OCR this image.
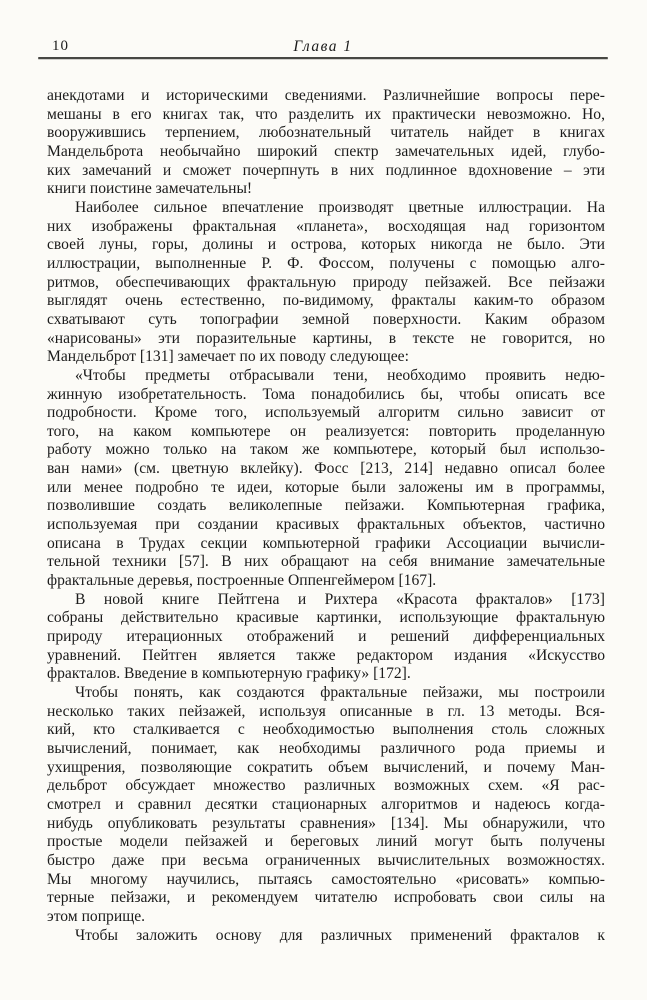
10	Глава 1
анекдотами и историческими сведениями. Различнейшие вопросы пере-
мешаны в его книгах так, что разделить их практически невозможно. Но,
вооружившись терпением, любознательный читатель найдет в книгах
Мандельброта необычайно широкий спектр замечательных идей, глубо-
ких замечаний и сможет почерпнуть в них подлинное вдохновение – эти
книги поистине замечательны!
Наиболее сильное впечатление производят цветные иллюстрации. На
них изображены фрактальная «планета», восходящая над горизонтом
своей луны, горы, долины и острова, которых никогда не было. Эти
иллюстрации, выполненные Р. Ф. Фоссом, получены с помощью алго-
ритмов, обеспечивающих фрактальную природу пейзажей. Все пейзажи
выглядят очень естественно, по-видимому, фракталы каким-то образом
схватывают суть топографии земной поверхности. Каким образом
«нарисованы» эти поразительные картины, в тексте не говорится, но
Мандельброт [131] замечает по их поводу следующее:
«Чтобы предметы отбрасывали тени, необходимо проявить недю-
жинную изобретательность. Тома понадобились бы, чтобы описать все
подробности. Кроме того, используемый алгоритм сильно зависит от
того, на каком компьютере он реализуется: повторить проделанную
работу можно только на таком же компьютере, который был использо-
ван нами» (см. цветную вклейку). Фосс [213, 214] недавно описал более
или менее подробно те идеи, которые были заложены им в программы,
позволившие создать великолепные пейзажи. Компьютерная графика,
используемая при создании красивых фрактальных объектов, частично
описана в Трудах секции компьютерной графики Ассоциации вычисли-
тельной техники [57]. В них обращают на себя внимание замечательные
фрактальные деревья, построенные Оппенгеймером [167].
В новой книге Пейтгена и Рихтера «Красота фракталов» [173]
собраны действительно красивые картинки, использующие фрактальную
природу итерационных отображений и решений дифференциальных
уравнений. Пейтген является также редактором издания «Искусство
фракталов. Введение в компьютерную графику» [172].
Чтобы понять, как создаются фрактальные пейзажи, мы построили
несколько таких пейзажей, используя описанные в гл. 13 методы. Вся-
кий, кто сталкивается с необходимостью выполнения столь сложных
вычислений, понимает, как необходимы различного рода приемы и
ухищрения, позволяющие сократить объем вычислений, и почему Ман-
дельброт обсуждает множество различных возможных схем. «Я рас-
смотрел и сравнил десятки стационарных алгоритмов и надеюсь когда-
нибудь опубликовать результаты сравнения» [134]. Мы обнаружили, что
простые модели пейзажей и береговых линий могут быть получены
быстро даже при весьма ограниченных вычислительных возможностях.
Мы многому научились, пытаясь самостоятельно «рисовать» компью-
терные пейзажи, и рекомендуем читателю испробовать свои силы на
этом поприще.
Чтобы заложить основу для различных применений фракталов к
